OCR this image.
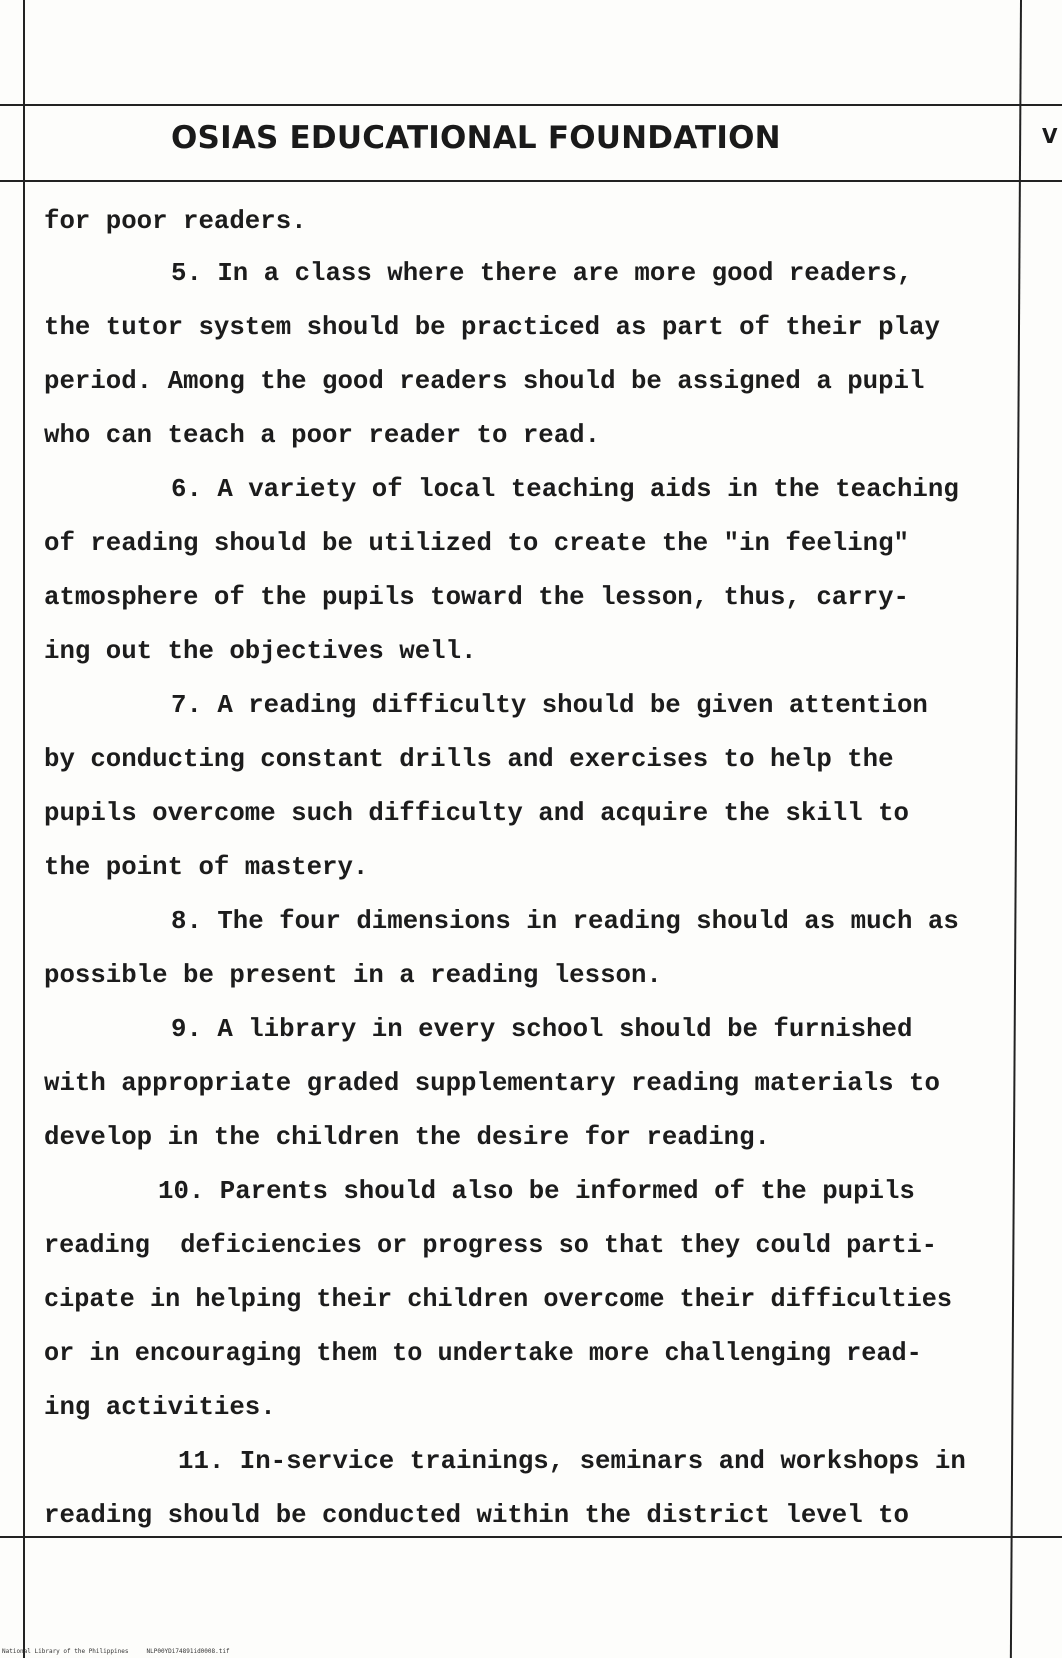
OSIAS EDUCATIONAL FOUNDATION	V

for poor readers.

5. In a class where there are more good readers,

the tutor system should be practiced as part of their play

period. Among the good readers should be assigned a pupil

who can teach a poor reader to read.

6. A variety of local teaching aids in the teaching

of reading should be utilized to create the "in feeling"

atmosphere of the pupils toward the lesson, thus, carry-

ing out the objectives well.

7. A reading difficulty should be given attention

by conducting constant drills and exercises to help the

pupils overcome such difficulty and acquire the skill to

the point of mastery.

8. The four dimensions in reading should as much as

possible be present in a reading lesson.

9. A library in every school should be furnished

with appropriate graded supplementary reading materials to

develop in the children the desire for reading.

10. Parents should also be informed of the pupils

reading  deficiencies or progress so that they could parti-

cipate in helping their children overcome their difficulties

or in encouraging them to undertake more challenging read-

ing activities.

11. In-service trainings, seminars and workshops in

reading should be conducted within the district level to

National Library of the Philippines     NLP00YDi74891id0008.tif
